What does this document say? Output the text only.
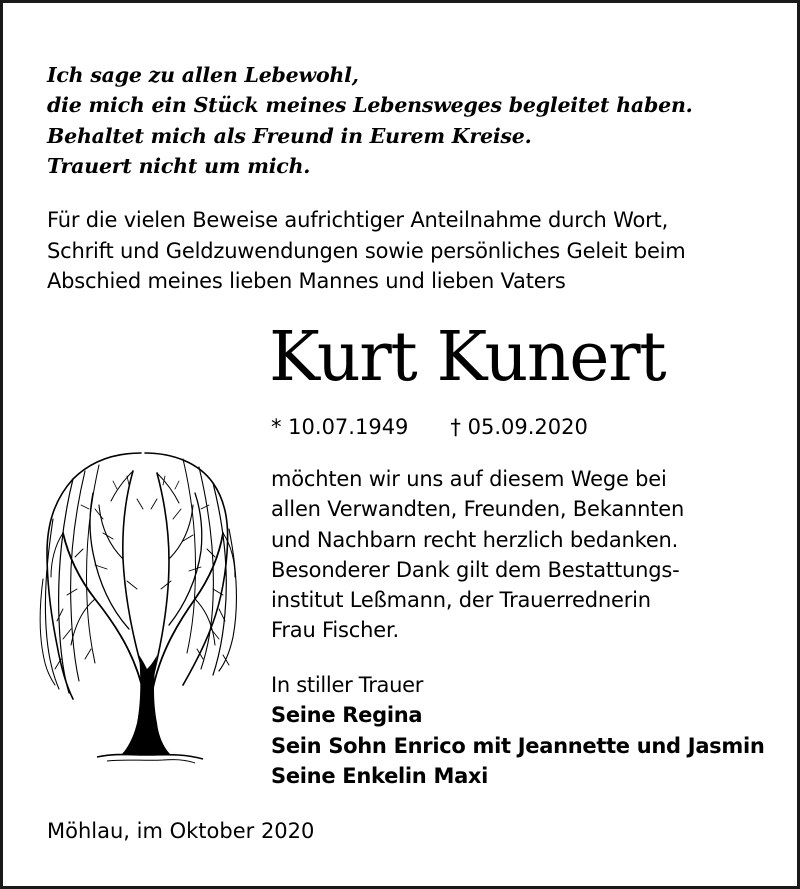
Ich sage zu allen Lebewohl,
die mich ein Stück meines Lebensweges begleitet haben.
Behaltet mich als Freund in Eurem Kreise.
Trauert nicht um mich.
Für die vielen Beweise aufrichtiger Anteilnahme durch Wort,
Schrift und Geldzuwendungen sowie persönliches Geleit beim
Abschied meines lieben Mannes und lieben Vaters
Kurt Kunert
* 10.07.1949 † 05.09.2020
möchten wir uns auf diesem Wege bei
allen Verwandten, Freunden, Bekannten
und Nachbarn recht herzlich bedanken.
Besonderer Dank gilt dem Bestattungs-
institut Leßmann, der Trauerrednerin
Frau Fischer.
In stiller Trauer
Seine Regina
Sein Sohn Enrico mit Jeannette und Jasmin
Seine Enkelin Maxi
Möhlau, im Oktober 2020
